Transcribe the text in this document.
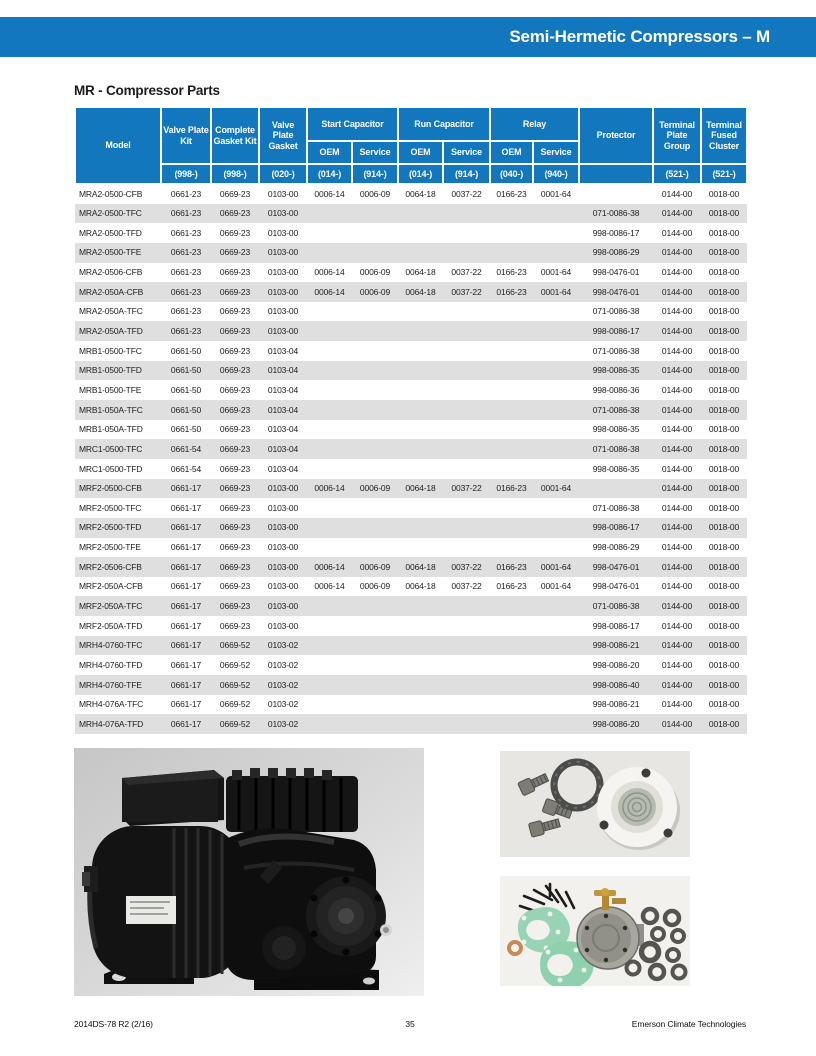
Semi-Hermetic Compressors – M
MR - Compressor Parts
Model	Valve Plate Kit	Complete Gasket Kit	Valve Plate Gasket	Start Capacitor		Run Capacitor		Relay		Protector	Terminal Plate Group	Terminal Fused Cluster
				OEM	Service	OEM	Service	OEM	Service			
	(998-)	(998-)	(020-)	(014-)	(914-)	(014-)	(914-)	(040-)	(940-)		(521-)	(521-)
MRA2-0500-CFB	0661-23	0669-23	0103-00	0006-14	0006-09	0064-18	0037-22	0166-23	0001-64		0144-00	0018-00
MRA2-0500-TFC	0661-23	0669-23	0103-00							071-0086-38	0144-00	0018-00
MRA2-0500-TFD	0661-23	0669-23	0103-00							998-0086-17	0144-00	0018-00
MRA2-0500-TFE	0661-23	0669-23	0103-00							998-0086-29	0144-00	0018-00
MRA2-0506-CFB	0661-23	0669-23	0103-00	0006-14	0006-09	0064-18	0037-22	0166-23	0001-64	998-0476-01	0144-00	0018-00
MRA2-050A-CFB	0661-23	0669-23	0103-00	0006-14	0006-09	0064-18	0037-22	0166-23	0001-64	998-0476-01	0144-00	0018-00
MRA2-050A-TFC	0661-23	0669-23	0103-00							071-0086-38	0144-00	0018-00
MRA2-050A-TFD	0661-23	0669-23	0103-00							998-0086-17	0144-00	0018-00
MRB1-0500-TFC	0661-50	0669-23	0103-04							071-0086-38	0144-00	0018-00
MRB1-0500-TFD	0661-50	0669-23	0103-04							998-0086-35	0144-00	0018-00
MRB1-0500-TFE	0661-50	0669-23	0103-04							998-0086-36	0144-00	0018-00
MRB1-050A-TFC	0661-50	0669-23	0103-04							071-0086-38	0144-00	0018-00
MRB1-050A-TFD	0661-50	0669-23	0103-04							998-0086-35	0144-00	0018-00
MRC1-0500-TFC	0661-54	0669-23	0103-04							071-0086-38	0144-00	0018-00
MRC1-0500-TFD	0661-54	0669-23	0103-04							998-0086-35	0144-00	0018-00
MRF2-0500-CFB	0661-17	0669-23	0103-00	0006-14	0006-09	0064-18	0037-22	0166-23	0001-64		0144-00	0018-00
MRF2-0500-TFC	0661-17	0669-23	0103-00							071-0086-38	0144-00	0018-00
MRF2-0500-TFD	0661-17	0669-23	0103-00							998-0086-17	0144-00	0018-00
MRF2-0500-TFE	0661-17	0669-23	0103-00							998-0086-29	0144-00	0018-00
MRF2-0506-CFB	0661-17	0669-23	0103-00	0006-14	0006-09	0064-18	0037-22	0166-23	0001-64	998-0476-01	0144-00	0018-00
MRF2-050A-CFB	0661-17	0669-23	0103-00	0006-14	0006-09	0064-18	0037-22	0166-23	0001-64	998-0476-01	0144-00	0018-00
MRF2-050A-TFC	0661-17	0669-23	0103-00							071-0086-38	0144-00	0018-00
MRF2-050A-TFD	0661-17	0669-23	0103-00							998-0086-17	0144-00	0018-00
MRH4-0760-TFC	0661-17	0669-52	0103-02							998-0086-21	0144-00	0018-00
MRH4-0760-TFD	0661-17	0669-52	0103-02							998-0086-20	0144-00	0018-00
MRH4-0760-TFE	0661-17	0669-52	0103-02							998-0086-40	0144-00	0018-00
MRH4-076A-TFC	0661-17	0669-52	0103-02							998-0086-21	0144-00	0018-00
MRH4-076A-TFD	0661-17	0669-52	0103-02							998-0086-20	0144-00	0018-00
2014DS-78 R2 (2/16)	35	Emerson Climate Technologies
